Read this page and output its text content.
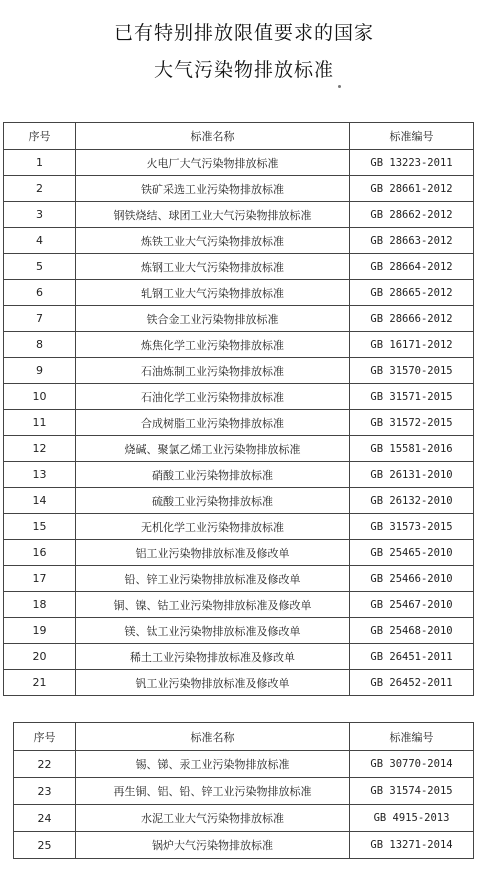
已有特别排放限值要求的国家
大气污染物排放标准
序号	标准名称	标准编号
1	火电厂大气污染物排放标准	GB 13223-2011
2	铁矿采选工业污染物排放标准	GB 28661-2012
3	钢铁烧结、球团工业大气污染物排放标准	GB 28662-2012
4	炼铁工业大气污染物排放标准	GB 28663-2012
5	炼钢工业大气污染物排放标准	GB 28664-2012
6	轧钢工业大气污染物排放标准	GB 28665-2012
7	铁合金工业污染物排放标准	GB 28666-2012
8	炼焦化学工业污染物排放标准	GB 16171-2012
9	石油炼制工业污染物排放标准	GB 31570-2015
10	石油化学工业污染物排放标准	GB 31571-2015
11	合成树脂工业污染物排放标准	GB 31572-2015
12	烧碱、聚氯乙烯工业污染物排放标准	GB 15581-2016
13	硝酸工业污染物排放标准	GB 26131-2010
14	硫酸工业污染物排放标准	GB 26132-2010
15	无机化学工业污染物排放标准	GB 31573-2015
16	铝工业污染物排放标准及修改单	GB 25465-2010
17	铅、锌工业污染物排放标准及修改单	GB 25466-2010
18	铜、镍、钴工业污染物排放标准及修改单	GB 25467-2010
19	镁、钛工业污染物排放标准及修改单	GB 25468-2010
20	稀土工业污染物排放标准及修改单	GB 26451-2011
21	钒工业污染物排放标准及修改单	GB 26452-2011
序号	标准名称	标准编号
22	锡、锑、汞工业污染物排放标准	GB 30770-2014
23	再生铜、铝、铅、锌工业污染物排放标准	GB 31574-2015
24	水泥工业大气污染物排放标准	GB 4915-2013
25	锅炉大气污染物排放标准	GB 13271-2014
